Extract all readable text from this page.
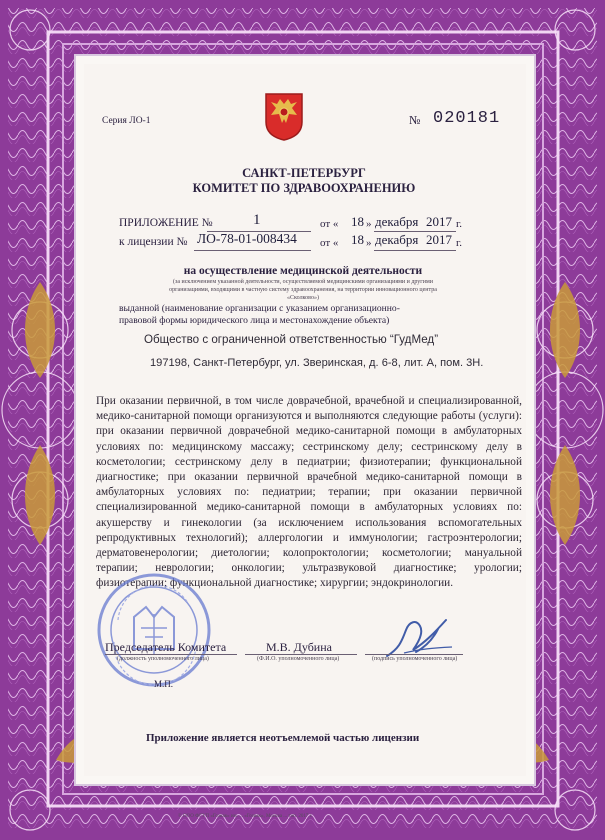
Серия ЛО-1	№ 020181
САНКТ-ПЕТЕРБУРГ
КОМИТЕТ ПО ЗДРАВООХРАНЕНИЮ
ПРИЛОЖЕНИЕ №	1	от « 18 » декабря 2017 г.
к лицензии № ЛО-78-01-008434 от « 18 » декабря 2017 г.
на осуществление медицинской деятельности
(за исключением указанной деятельности, осуществляемой медицинскими организациями и другими
организациями, входящими в частную систему здравоохранения, на территории инновационного центра
«Сколково»)
выданной (наименование организации с указанием организационно-
правовой формы юридического лица и местонахождение объекта)
Общество с ограниченной ответственностью “ГудМед”
197198, Санкт-Петербург, ул. Зверинская, д. 6-8, лит. А, пом. 3Н.
При оказании первичной, в том числе доврачебной, врачебной и специализированной, медико-санитарной помощи организуются и выполняются следующие работы (услуги): при оказании первичной доврачебной медико-санитарной помощи в амбулаторных условиях по: медицинскому массажу; сестринскому делу; сестринскому делу в косметологии; сестринскому делу в педиатрии; физиотерапии; функциональной диагностике; при оказании первичной врачебной медико-санитарной помощи в амбулаторных условиях по: педиатрии; терапии; при оказании первичной специализированной медико-санитарной помощи в амбулаторных условиях по: акушерству и гинекологии (за исключением использования вспомогательных репродуктивных технологий); аллергологии и иммунологии; гастроэнтерологии; дерматовенерологии; диетологии; колопроктологии; косметологии; мануальной терапии; неврологии; онкологии; ультразвуковой диагностике; урологии; физиотерапии; функциональной диагностике; хирургии; эндокринологии.
Председатель Комитета
(должность уполномоченного лица)
М.В. Дубина
(Ф.И.О. уполномоченного лица)	(подпись уполномоченного лица)
М.П.
Приложение является неотъемлемой частью лицензии
© ООО ФГУП «Гознак» им. ... «Гознак», Москва ... тип. 2017 г.
